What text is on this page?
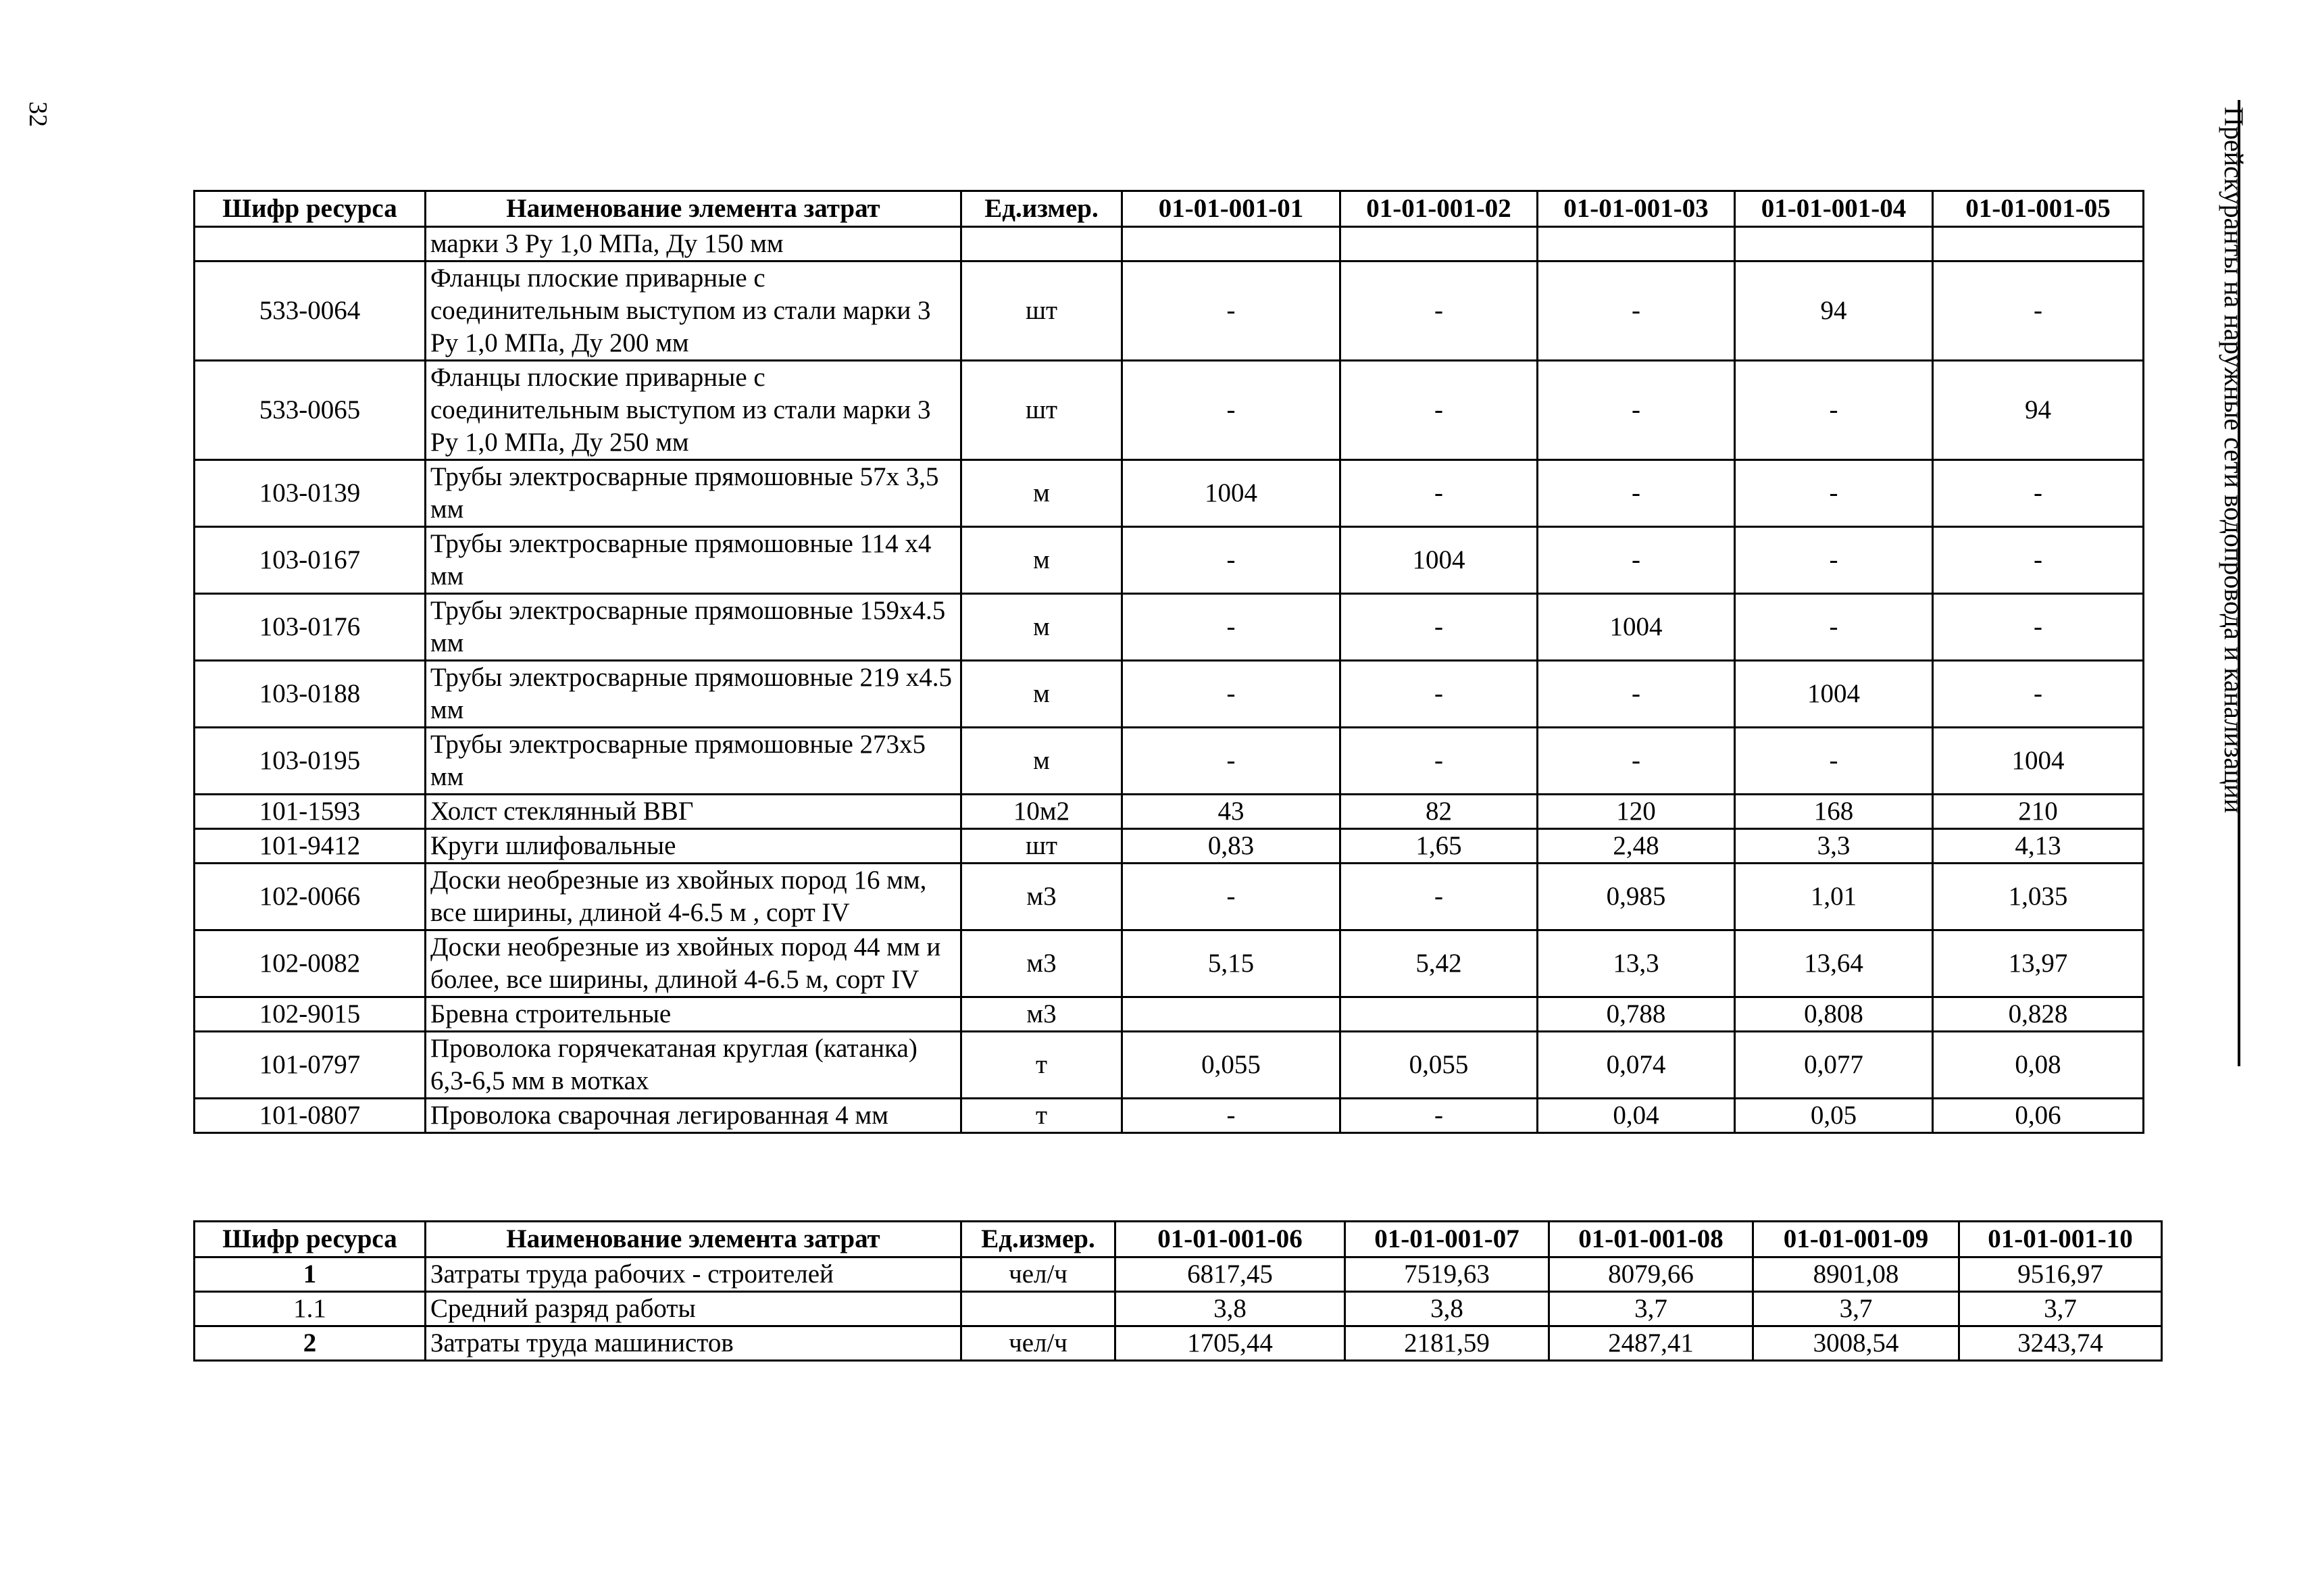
32	Прейскуранты на наружные сети водопровода и канализации
Шифр ресурса	Наименование элемента затрат	Ед.измер.	01-01-001-01	01-01-001-02	01-01-001-03	01-01-001-04	01-01-001-05
	марки 3 Ру 1,0 МПа, Ду 150 мм						
533-0064	Фланцы плоские приварные с соединительным выступом из стали марки 3 Ру 1,0 МПа, Ду 200 мм	шт	-	-	-	94	-
533-0065	Фланцы плоские приварные с соединительным выступом из стали марки 3 Ру 1,0 МПа, Ду 250 мм	шт	-	-	-	-	94
103-0139	Трубы электросварные прямошовные 57х 3,5 мм	м	1004	-	-	-	-
103-0167	Трубы электросварные прямошовные 114 х4 мм	м	-	1004	-	-	-
103-0176	Трубы электросварные прямошовные 159х4.5 мм	м	-	-	1004	-	-
103-0188	Трубы электросварные прямошовные 219 х4.5 мм	м	-	-	-	1004	-
103-0195	Трубы электросварные прямошовные 273х5 мм	м	-	-	-	-	1004
101-1593	Холст стеклянный ВВГ	10м2	43	82	120	168	210
101-9412	Круги шлифовальные	шт	0,83	1,65	2,48	3,3	4,13
102-0066	Доски необрезные из хвойных пород 16 мм, все ширины, длиной 4-6.5 м , сорт IV	м3	-	-	0,985	1,01	1,035
102-0082	Доски необрезные из хвойных пород 44 мм и более, все ширины, длиной 4-6.5 м, сорт IV	м3	5,15	5,42	13,3	13,64	13,97
102-9015	Бревна строительные	м3			0,788	0,808	0,828
101-0797	Проволока горячекатаная круглая (катанка) 6,3-6,5 мм в мотках	т	0,055	0,055	0,074	0,077	0,08
101-0807	Проволока сварочная легированная 4 мм	т	-	-	0,04	0,05	0,06
Шифр ресурса	Наименование элемента затрат	Ед.измер.	01-01-001-06	01-01-001-07	01-01-001-08	01-01-001-09	01-01-001-10
1	Затраты труда рабочих - строителей	чел/ч	6817,45	7519,63	8079,66	8901,08	9516,97
1.1	Средний разряд работы		3,8	3,8	3,7	3,7	3,7
2	Затраты труда машинистов	чел/ч	1705,44	2181,59	2487,41	3008,54	3243,74
